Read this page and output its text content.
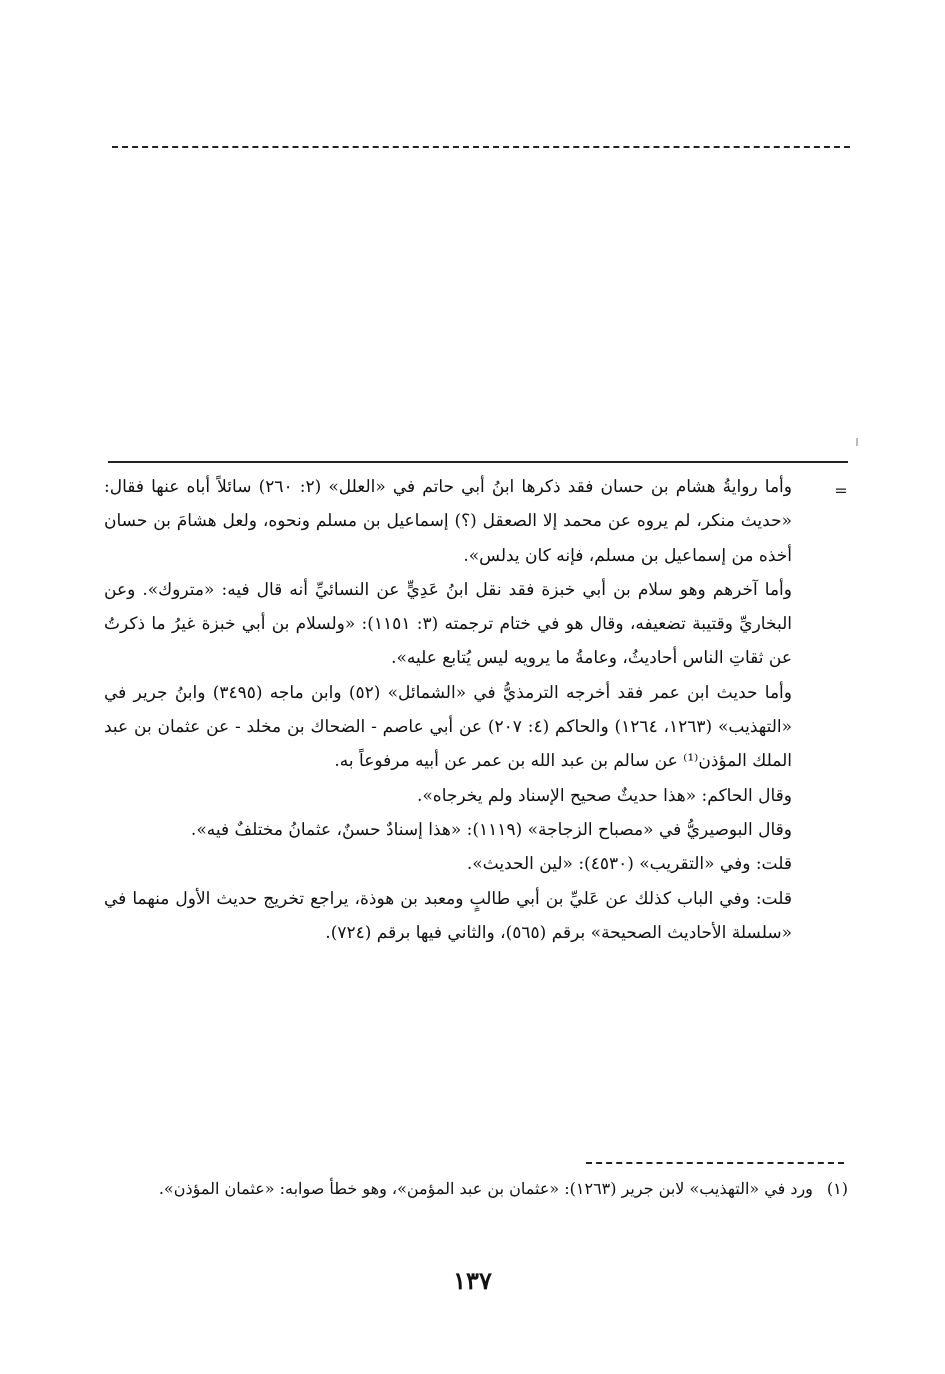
=

وأما روايةُ هشام بن حسان فقد ذكرها ابنُ أبي حاتم في «العلل» (٢: ٢٦٠) سائلاً أباه عنها فقال: «حديث منكر، لم يروه عن محمد إلا الصعقل (؟) إسماعيل بن مسلم ونحوه، ولعل هشامَ بن حسان أخذه من إسماعيل بن مسلم، فإنه كان يدلس».

وأما آخرهم وهو سلام بن أبي خبزة فقد نقل ابنُ عَدِيٍّ عن النسائيِّ أنه قال فيه: «متروك». وعن البخاريِّ وقتيبة تضعيفه، وقال هو في ختام ترجمته (٣: ١١٥١): «ولسلام بن أبي خبزة غيرُ ما ذكرتُ عن ثقاتِ الناس أحاديثُ، وعامةُ ما يرويه ليس يُتابع عليه».

وأما حديث ابن عمر فقد أخرجه الترمذيُّ في «الشمائل» (٥٢) وابن ماجه (٣٤٩٥) وابنُ جرير في «التهذيب» (١٢٦٣، ١٢٦٤) والحاكم (٤: ٢٠٧) عن أبي عاصم - الضحاك بن مخلد - عن عثمان بن عبد الملك المؤذن⁽¹⁾ عن سالم بن عبد الله بن عمر عن أبيه مرفوعاً به.

وقال الحاكم: «هذا حديثٌ صحيح الإسناد ولم يخرجاه».

وقال البوصيريُّ في «مصباح الزجاجة» (١١١٩): «هذا إسنادٌ حسنٌ، عثمانُ مختلفٌ فيه».

قلت: وفي «التقريب» (٤٥٣٠): «لين الحديث».

قلت: وفي الباب كذلك عن عَليِّ بن أبي طالبٍ ومعبد بن هوذة، يراجع تخريج حديث الأول منهما في «سلسلة الأحاديث الصحيحة» برقم (٥٦٥)، والثاني فيها برقم (٧٢٤).

(١)ورد في «التهذيب» لابن جرير (١٢٦٣): «عثمان بن عبد المؤمن»، وهو خطأ صوابه: «عثمان المؤذن».
١٣٧
